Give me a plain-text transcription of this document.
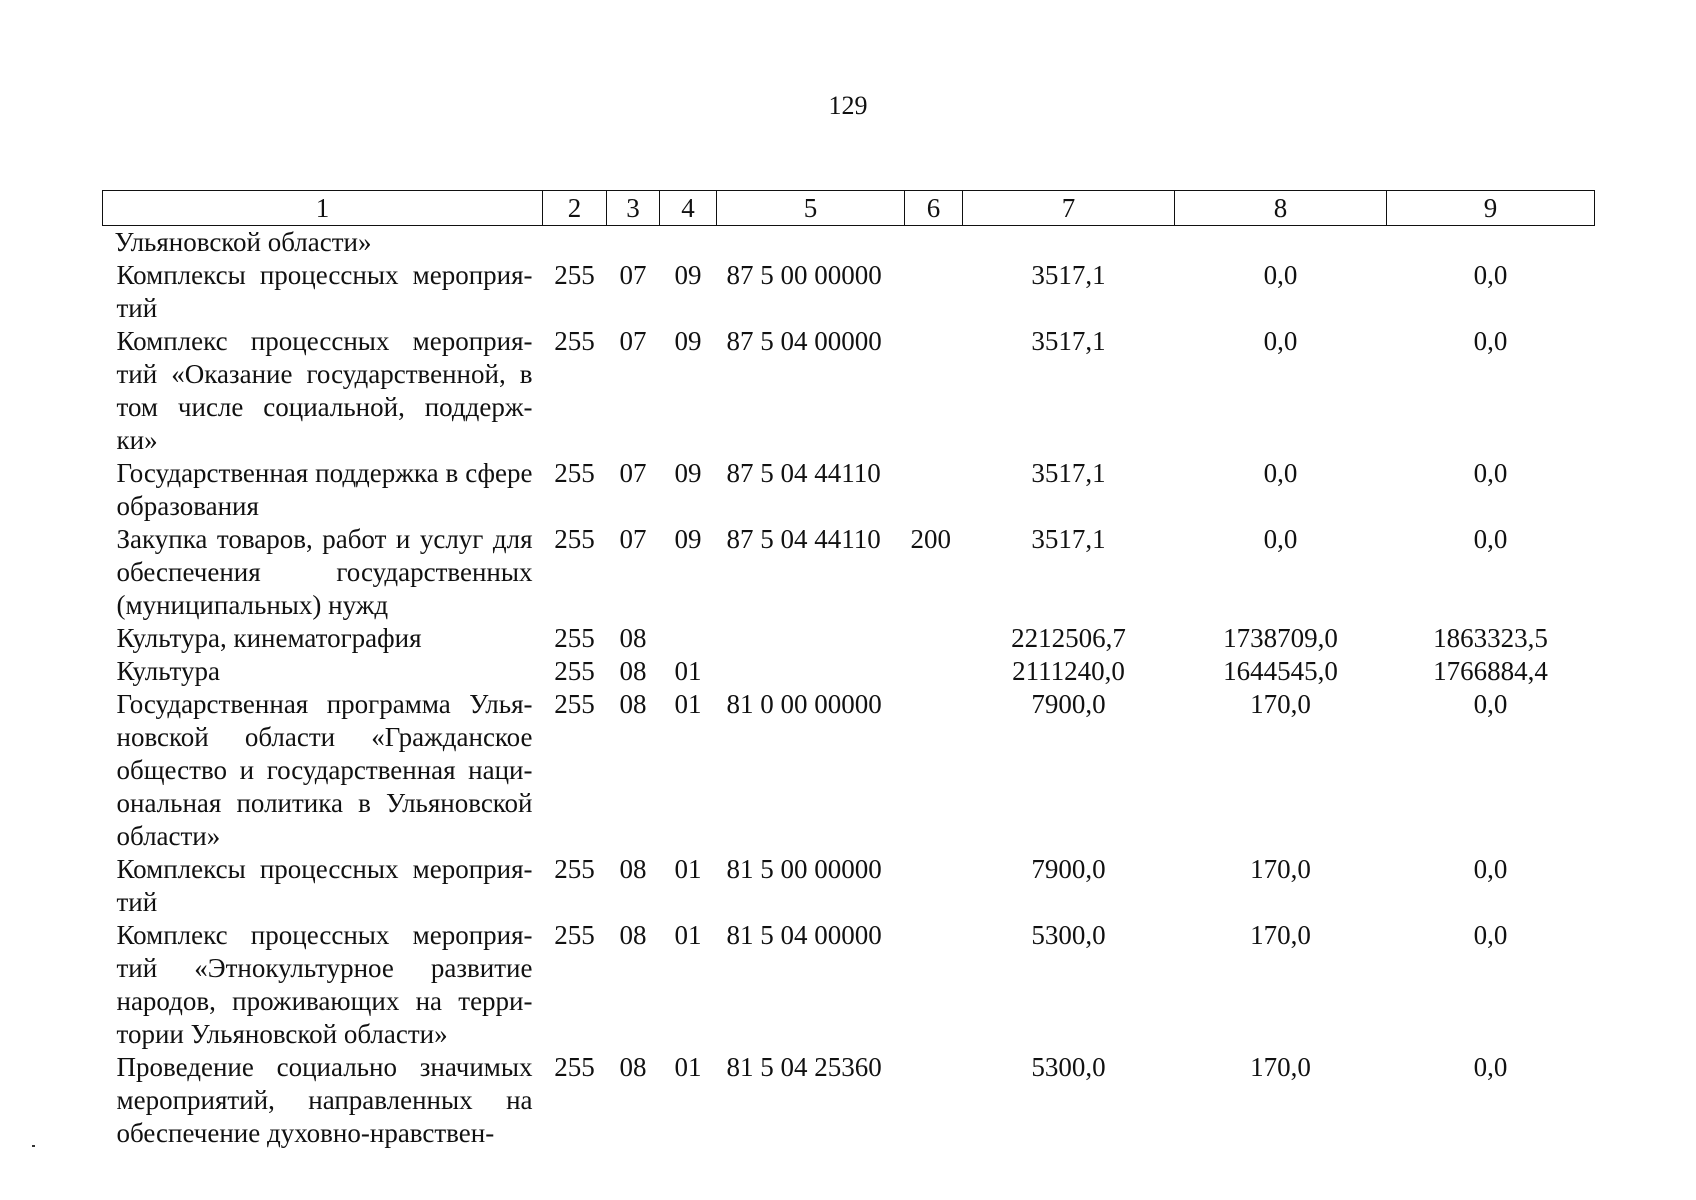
129
1	2	3	4	5	6	7	8	9
Ульяновской области»								
Комплексы процессных мероприя-тий	255	07	09	87 5 00 00000		3517,1	0,0	0,0
Комплекс процессных мероприя-тий «Оказание государственной, в том числе социальной, поддерж-ки»	255	07	09	87 5 04 00000		3517,1	0,0	0,0
Государственная поддержка в сфере образования	255	07	09	87 5 04 44110		3517,1	0,0	0,0
Закупка товаров, работ и услуг для обеспечения государственных (муниципальных) нужд	255	07	09	87 5 04 44110	200	3517,1	0,0	0,0
Культура, кинематография	255	08				2212506,7	1738709,0	1863323,5
Культура	255	08	01			2111240,0	1644545,0	1766884,4
Государственная программа Улья-новской области «Гражданское общество и государственная наци-ональная политика в Ульяновской области»	255	08	01	81 0 00 00000		7900,0	170,0	0,0
Комплексы процессных мероприя-тий	255	08	01	81 5 00 00000		7900,0	170,0	0,0
Комплекс процессных мероприя-тий «Этнокультурное развитие народов, проживающих на терри-тории Ульяновской области»	255	08	01	81 5 04 00000		5300,0	170,0	0,0
Проведение социально значимых мероприятий, направленных на обеспечение духовно-нравствен-	255	08	01	81 5 04 25360		5300,0	170,0	0,0
